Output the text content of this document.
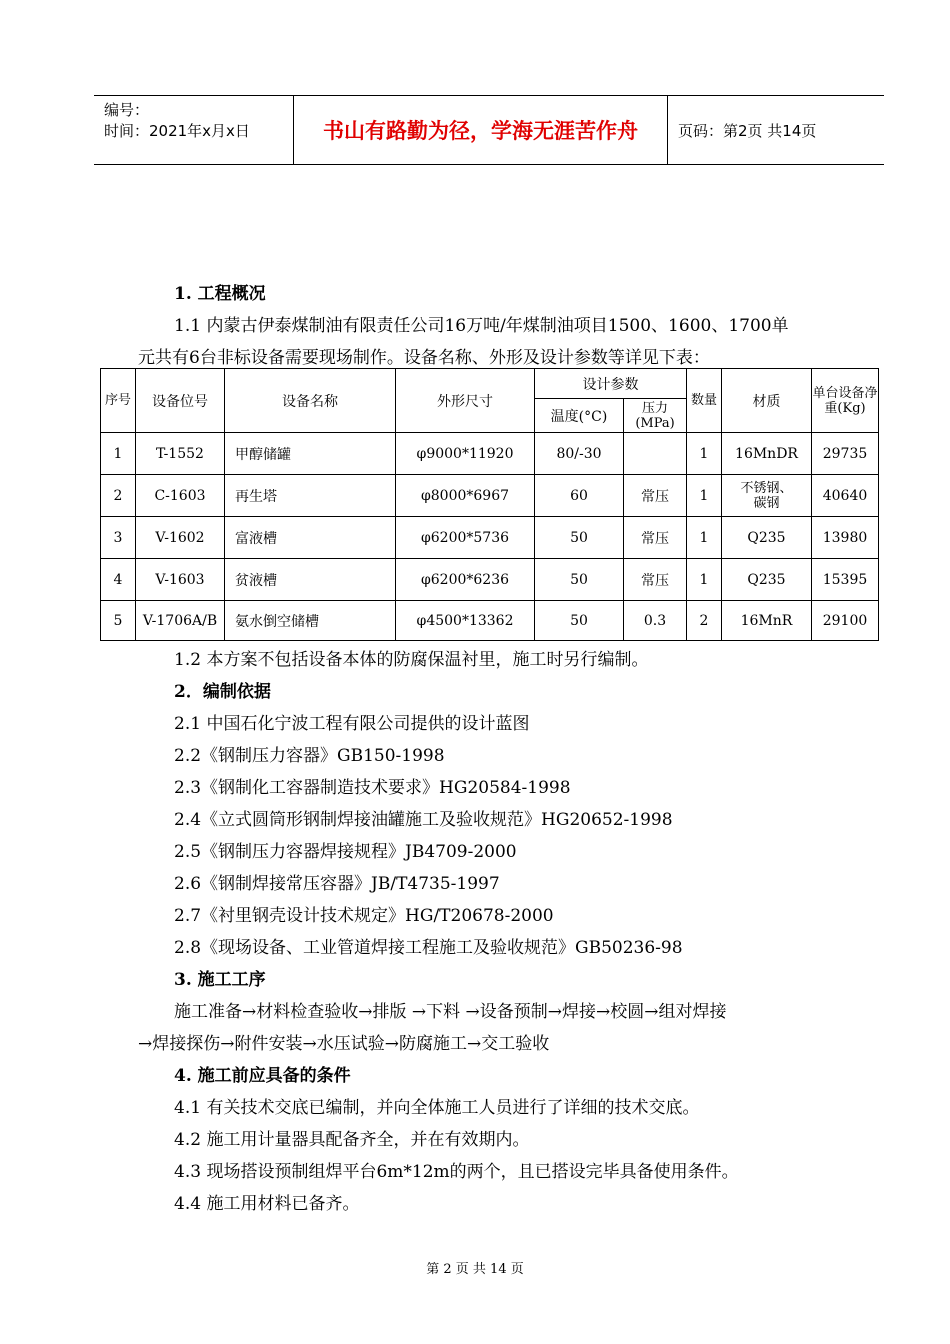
编号：
时间：2021年x月x日	书山有路勤为径，学海无涯苦作舟	页码：第2页 共14页

1. 工程概况

1.1 内蒙古伊泰煤制油有限责任公司16万吨/年煤制油项目1500、1600、1700单

元共有6台非标设备需要现场制作。设备名称、外形及设计参数等详见下表：

序号	设备位号	设备名称	外形尺寸	设计参数		数量	材质	单台设备净重(Kg)
				温度(°C)	压力(MPa)			
1	T-1552	甲醇储罐	φ9000*11920	80/-30		1	16MnDR	29735
2	C-1603	再生塔	φ8000*6967	60	常压	1	不锈钢、碳钢	40640
3	V-1602	富液槽	φ6200*5736	50	常压	1	Q235	13980
4	V-1603	贫液槽	φ6200*6236	50	常压	1	Q235	15395
5	V-1706A/B	氨水倒空储槽	φ4500*13362	50	0.3	2	16MnR	29100

1.2 本方案不包括设备本体的防腐保温衬里，施工时另行编制。

2．编制依据

2.1 中国石化宁波工程有限公司提供的设计蓝图

2.2《钢制压力容器》GB150-1998

2.3《钢制化工容器制造技术要求》HG20584-1998

2.4《立式圆筒形钢制焊接油罐施工及验收规范》HG20652-1998

2.5《钢制压力容器焊接规程》JB4709-2000

2.6《钢制焊接常压容器》JB/T4735-1997

2.7《衬里钢壳设计技术规定》HG/T20678-2000

2.8《现场设备、工业管道焊接工程施工及验收规范》GB50236-98

3. 施工工序

施工准备→材料检查验收→排版 →下料 →设备预制→焊接→校圆→组对焊接

→焊接探伤→附件安装→水压试验→防腐施工→交工验收

4. 施工前应具备的条件

4.1 有关技术交底已编制，并向全体施工人员进行了详细的技术交底。

4.2 施工用计量器具配备齐全，并在有效期内。

4.3 现场搭设预制组焊平台6m*12m的两个，且已搭设完毕具备使用条件。

4.4 施工用材料已备齐。

第 2 页 共 14 页
